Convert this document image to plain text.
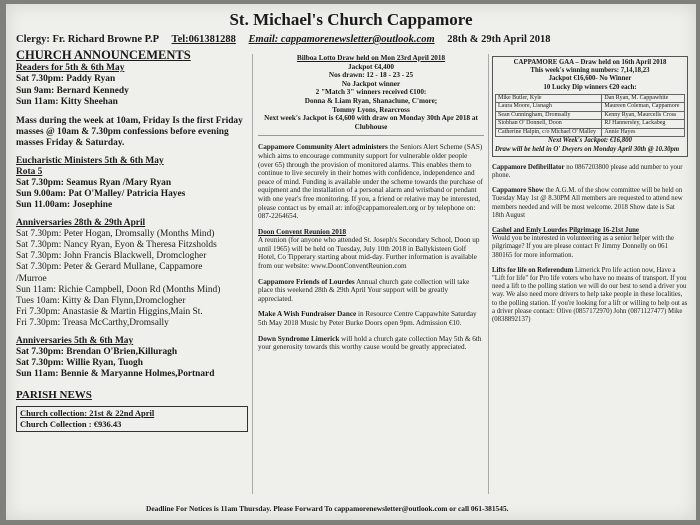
St. Michael's Church Cappamore
Clergy: Fr. Richard Browne P.P Tel:061381288 Email: cappamorenewsletter@outlook.com 28th & 29th April 2018
CHURCH ANNOUNCEMENTS
Readers for 5th & 6th May
Sat 7.30pm: Paddy Ryan
Sun 9am: Bernard Kennedy
Sun 11am: Kitty Sheehan
Mass during the week at 10am, Friday Is the first Friday masses @ 10am & 7.30pm confessions before evening masses Friday & Saturday.
Eucharistic Ministers 5th & 6th May
Rota 5
Sat 7.30pm: Seamus Ryan /Mary Ryan
Sun 9.00am: Pat O'Malley/ Patricia Hayes
Sun 11.00am: Josephine
Anniversaries 28th & 29th April
Sat 7.30pm: Peter Hogan, Dromsally (Months Mind)
Sat 7.30pm: Nancy Ryan, Eyon & Theresa Fitzsholds
Sat 7.30pm: John Francis Blackwell, Dromclogher
Sat 7.30pm: Peter & Gerard Mullane, Cappamore
/Murroe
Sun 11am: Richie Campbell, Doon Rd (Months Mind)
Tues 10am: Kitty & Dan Flynn,Dromclogher
Fri 7.30pm: Anastasie & Martin Higgins,Main St.
Fri 7.30pm: Treasa McCarthy,Dromsally
Anniversaries 5th & 6th May
Sat 7.30pm: Brendan O'Brien,Killuragh
Sat 7.30pm: Willie Ryan, Tuogh
Sun 11am: Bennie & Maryanne Holmes,Portnard
PARISH NEWS
Church collection: 21st & 22nd April
Church Collection : €936.43
Bilboa Lotto Draw held on Mon 23rd April 2018
Jackpot €4,400
Nos drawn: 12 - 18 - 23 - 25
No Jackpot winner
2 "Match 3" winners received €100:
Donna & Liam Ryan, Shanaclune, C'more;
Tommy Lyons, Rearcross
Next week's Jackpot is €4,600 with draw on Monday 30th Apr 2018 at Clubhouse
Cappamore Community Alert administers the Seniors Alert Scheme (SAS) which aims to encourage community support for vulnerable older people (over 65) through the provision of monitored alarms. This enables them to continue to live securely in their homes with confidence, independence and peace of mind. Funding is available under the scheme towards the purchase of equipment and the installation of a personal alarm and wristband or pendant with one year's free monitoring. If you, a friend or relative may be interested, please contact us by email at: info@cappamorealert.org or by telephone on: 087-2264654.
Doon Convent Reunion 2018
A reunion (for anyone who attended St. Joseph's Secondary School, Doon up until 1965) will be held on Tuesday, July 10th 2018 in Ballykisteen Golf Hotel, Co Tipperary starting about mid-day. Further information is available from our website: www.DoonConventReunion.com
Cappamore Friends of Lourdes Annual church gate collection will take place this weekend 28th & 29th April Your support will be greatly appreciated.
Make A Wish Fundraiser Dance in Resource Centre Cappawhite Saturday 5th May 2018 Music by Peter Burke Doors open 9pm. Admission €10.
Down Syndrome Limerick will hold a church gate collection May 5th & 6th your generosity towards this worthy cause would be greatly appreciated.
CAPPAMORE GAA – Draw held on 16th April 2018
This week's winning numbers: 7,14,18,23
Jackpot €16,600- No Winner
10 Lucky Dip winners €20 each:
Mike Butler, Kyle	Dan Ryan, M. Cappawhite
Laura Moore, Lisnagh	Maureen Coleman, Cappamore
Sean Cunningham, Dromsally	Kenny Ryan, Maurcells Cross
Siobhan O' Donnell, Doon	RJ Hannersley, Lackabeg
Catherine Halpin, c/o Michael O' Malley	Annie Hayes
Next Week's Jackpot: €16,800
Draw will be held in O' Dwyers on Monday April 30th @ 10.30pm
Cappamore Defibrillator no 0867203800 please add number to your phone.
Cappamore Show the A.G.M. of the show committee will be held on Tuesday May 1st @ 8.30PM All members are requested to attend new members needed and will be most welcome. 2018 Show date is Sat 18th August
Cashel and Emly Lourdes Pilgrimage 16-21st June
Would you be interested in volunteering as a senior helper with the pilgrimage? If you are please contact Fr Jimmy Donnelly on 061 380165 for more information.
Lifts for life on Referendum Limerick Pro life action now, Have a "Lift for life" for Pro life voters who have no means of transport. If you need a lift to the polling station we will do our best to send a driver you way. We also need more drivers to help take people in these localities, to the polling station. If you're looking for a lift or willing to help out as a driver please contact: Olive (0857172970) John (0871127477) Mike (0838892137)
Deadline For Notices is 11am Thursday. Please Forward To cappamorenewsletter@outlook.com or call 061-381545.
